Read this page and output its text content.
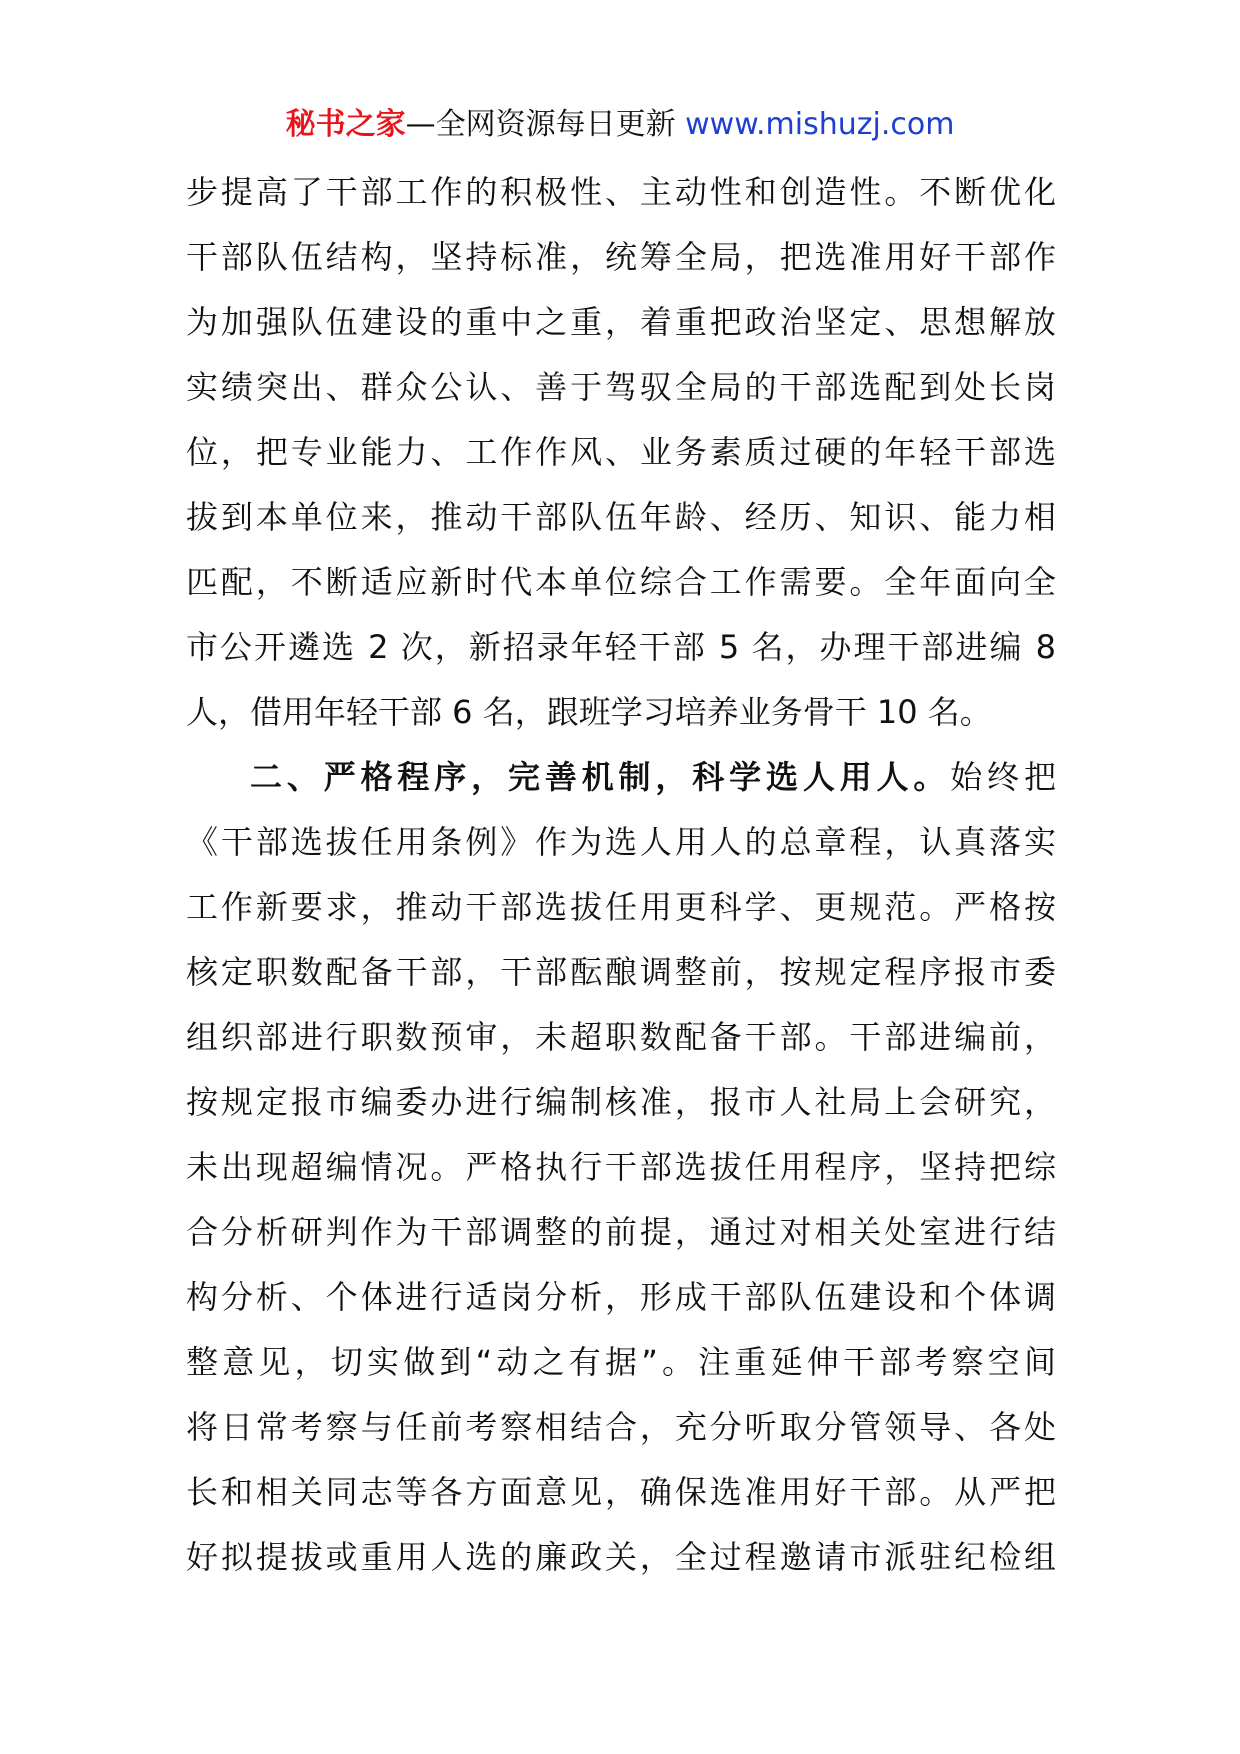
秘书之家—全网资源每日更新 www.mishuzj.com
步提高了干部工作的积极性、主动性和创造性。不断优化
干部队伍结构，坚持标准，统筹全局，把选准用好干部作
为加强队伍建设的重中之重，着重把政治坚定、思想解放
实绩突出、群众公认、善于驾驭全局的干部选配到处长岗
位，把专业能力、工作作风、业务素质过硬的年轻干部选
拔到本单位来，推动干部队伍年龄、经历、知识、能力相
匹配，不断适应新时代本单位综合工作需要。全年面向全
市公开遴选 2 次，新招录年轻干部 5 名，办理干部进编 8
人，借用年轻干部 6 名，跟班学习培养业务骨干 10 名。
二、严格程序，完善机制，科学选人用人。始终把
《干部选拔任用条例》作为选人用人的总章程，认真落实
工作新要求，推动干部选拔任用更科学、更规范。严格按
核定职数配备干部，干部酝酿调整前，按规定程序报市委
组织部进行职数预审，未超职数配备干部。干部进编前，
按规定报市编委办进行编制核准，报市人社局上会研究，
未出现超编情况。严格执行干部选拔任用程序，坚持把综
合分析研判作为干部调整的前提，通过对相关处室进行结
构分析、个体进行适岗分析，形成干部队伍建设和个体调
整意见，切实做到“动之有据”。注重延伸干部考察空间
将日常考察与任前考察相结合，充分听取分管领导、各处
长和相关同志等各方面意见，确保选准用好干部。从严把
好拟提拔或重用人选的廉政关，全过程邀请市派驻纪检组
